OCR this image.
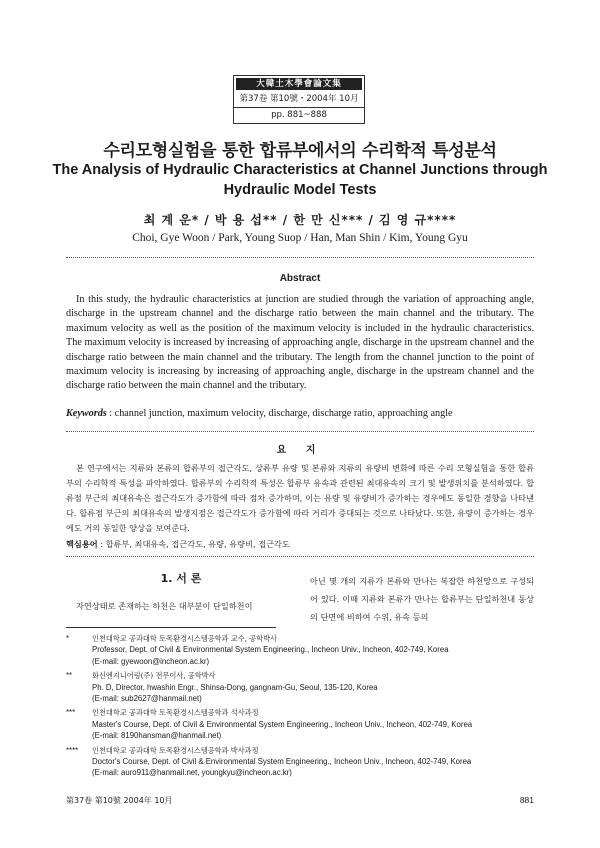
大韓土木學會論文集
第37卷 第10號・2004年 10月
pp. 881~888
수리모형실험을 통한 합류부에서의 수리학적 특성분석
The Analysis of Hydraulic Characteristics at Channel Junctions through Hydraulic Model Tests
최 계 운* / 박 용 섭** / 한 만 신*** / 김 영 규****
Choi, Gye Woon / Park, Young Suop / Han, Man Shin / Kim, Young Gyu
Abstract
In this study, the hydraulic characteristics at junction are studied through the variation of approaching angle, discharge in the upstream channel and the discharge ratio between the main channel and the tributary. The maximum velocity as well as the position of the maximum velocity is included in the hydraulic characteristics. The maximum velocity is increased by increasing of approaching angle, discharge in the upstream channel and the discharge ratio between the main channel and the tributary. The length from the channel junction to the point of maximum velocity is increasing by increasing of approaching angle, discharge in the upstream channel and the discharge ratio between the main channel and the tributary.
Keywords : channel junction, maximum velocity, discharge, discharge ratio, approaching angle
요 지
본 연구에서는 지류와 본류의 합류부의 접근각도, 상류부 유량 및 본류와 지류의 유량비 변화에 따른 수리 모형실험을 통한 합류부의 수리학적 특성을 파악하였다. 합류부의 수리학적 특성은 합류부 유속과 관련된 최대유속의 크기 및 발생위치를 분석하였다. 합류점 부근의 최대유속은 접근각도가 증가함에 따라 점차 증가하며, 이는 유량 및 유량비가 증가하는 경우에도 동일한 경향을 나타낸다. 합류점 부근의 최대유속의 발생지점은 접근각도가 증가함에 따라 거리가 증대되는 것으로 나타났다. 또한, 유량이 증가하는 경우에도 거의 동일한 양상을 보여준다.
핵심용어 : 합류부, 최대유속, 접근각도, 유량, 유량비, 접근각도
1. 서 론
자연상태로 존재하는 하천은 대부분이 단일하천이
아닌 몇 개의 지류가 본류와 만나는 복잡한 하천망으로 구성되어 있다. 이때 지류와 본류가 만나는 합류부는 단일하천내 동상의 단면에 비하여 수위, 유속 등의
*	인천대학교 공과대학 토목환경시스템공학과 교수, 공학박사
Professor, Dept. of Civil & Environmental System Engineering., Incheon Univ., Incheon, 402-749, Korea
(E-mail: gyewoon@incheon.ac.kr)
**	화신엔지니어링(주) 전무이사, 공학박사
Ph. D, Director, hwashin Engr., Shinsa-Dong, gangnam-Gu, Seoul, 135-120, Korea
(E-mail: sub2627@hanmail.net)
***	인천대학교 공과대학 토목환경시스템공학과 석사과정
Master's Course, Dept. of Civil & Environmental System Engineering., Incheon Univ., Incheon, 402-749, Korea
(E-mail: 8190hansman@hanmail.net)
****	인천대학교 공과대학 토목환경시스템공학과 박사과정
Doctor's Course, Dept. of Civil & Environmental System Engineering., Incheon Univ., Incheon, 402-749, Korea
(E-mail: auro911@hanmail.net, youngkyu@incheon.ac.kr)
第37卷 第10號 2004年 10月	881
